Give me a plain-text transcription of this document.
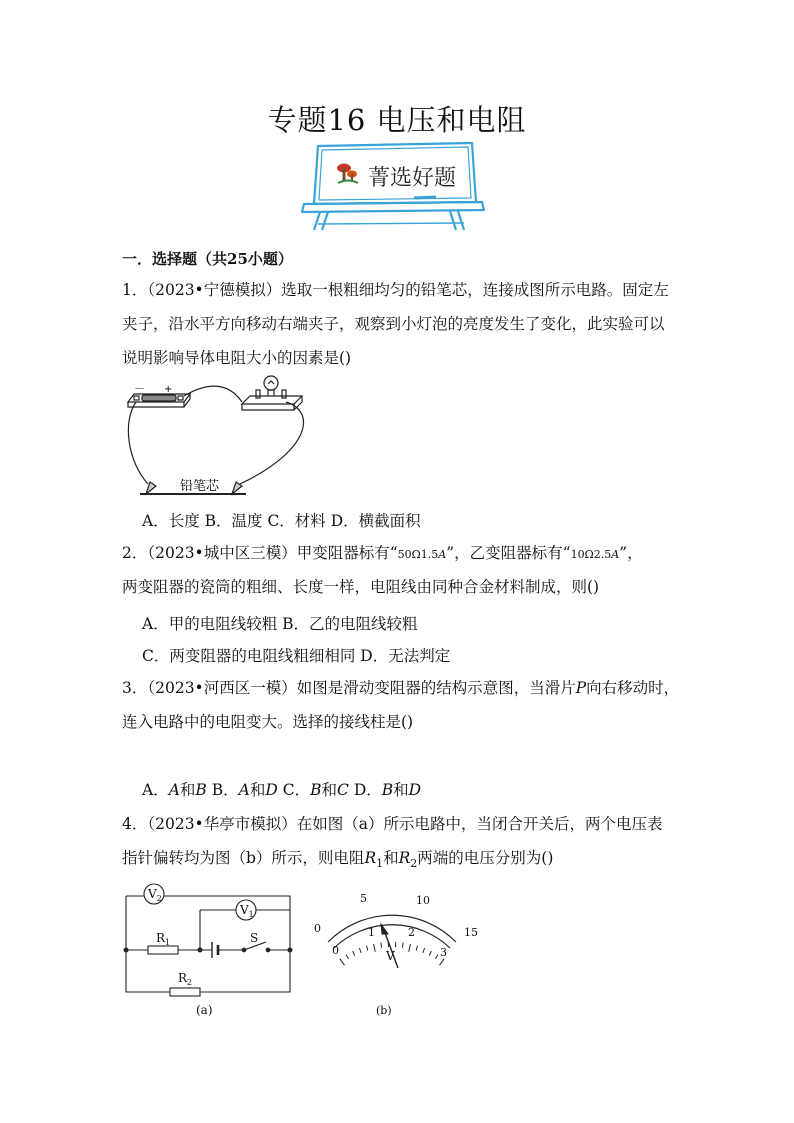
专题16 电压和电阻
菁选好题
一．选择题（共25小题）
1．（2023•宁德模拟）选取一根粗细均匀的铅笔芯，连接成图所示电路。固定左
夹子，沿水平方向移动右端夹子，观察到小灯泡的亮度发生了变化，此实验可以
说明影响导体电阻大小的因素是()
－ +
铅笔芯
A．长度 B．温度 C．材料 D．横截面积
2．（2023•城中区三模）甲变阻器标有“50Ω1.5A”，乙变阻器标有“10Ω2.5A”，
两变阻器的瓷筒的粗细、长度一样，电阻线由同种合金材料制成，则()
A．甲的电阻线较粗 B．乙的电阻线较粗
C．两变阻器的电阻线粗细相同 D．无法判定
3．（2023•河西区一模）如图是滑动变阻器的结构示意图，当滑片P向右移动时，
连入电路中的电阻变大。选择的接线柱是()
A．A和B B．A和D C．B和C D．B和D
4．（2023•华亭市模拟）在如图（a）所示电路中，当闭合开关后，两个电压表
指针偏转均为图（b）所示，则电阻$R_1$和$R_2$两端的电压分别为()
$V_2$
$V_1$
$R_1$	S
$R_2$
(a)
0
5	10
15
0
1	2
3
V
(b)
